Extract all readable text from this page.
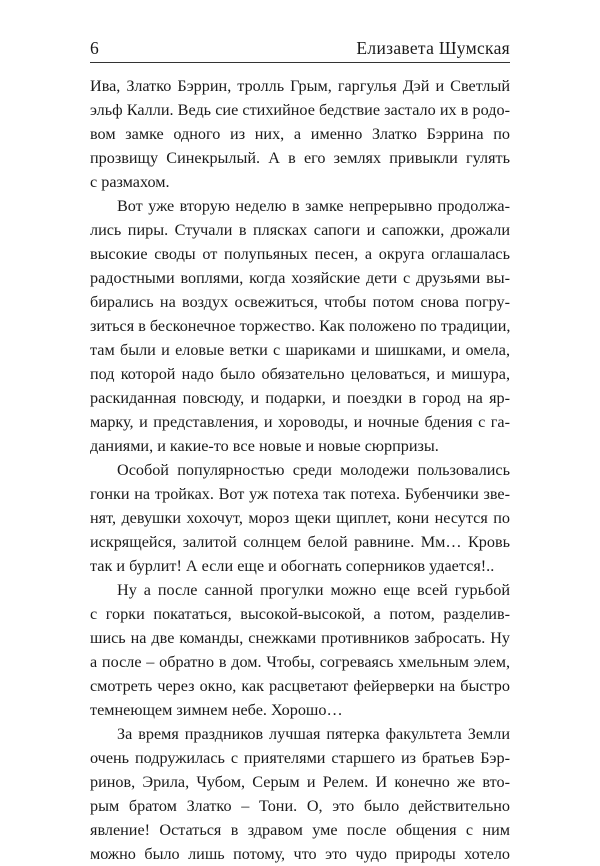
6	Елизавета Шумская
Ива, Златко Бэррин, тролль Грым, гаргулья Дэй и Светлый
эльф Калли. Ведь сие стихийное бедствие застало их в родо-
вом замке одного из них, а именно Златко Бэррина по
прозвищу Синекрылый. А в его землях привыкли гулять
с размахом.
Вот уже вторую неделю в замке непрерывно продолжа-
лись пиры. Стучали в плясках сапоги и сапожки, дрожали
высокие своды от полупьяных песен, а округа оглашалась
радостными воплями, когда хозяйские дети с друзьями вы-
бирались на воздух освежиться, чтобы потом снова погру-
зиться в бесконечное торжество. Как положено по традиции,
там были и еловые ветки с шариками и шишками, и омела,
под которой надо было обязательно целоваться, и мишура,
раскиданная повсюду, и подарки, и поездки в город на яр-
марку, и представления, и хороводы, и ночные бдения с га-
даниями, и какие-то все новые и новые сюрпризы.
Особой популярностью среди молодежи пользовались
гонки на тройках. Вот уж потеха так потеха. Бубенчики зве-
нят, девушки хохочут, мороз щеки щиплет, кони несутся по
искрящейся, залитой солнцем белой равнине. Мм… Кровь
так и бурлит! А если еще и обогнать соперников удается!..
Ну а после санной прогулки можно еще всей гурьбой
с горки покататься, высокой-высокой, а потом, разделив-
шись на две команды, снежками противников забросать. Ну
а после – обратно в дом. Чтобы, согреваясь хмельным элем,
смотреть через окно, как расцветают фейерверки на быстро
темнеющем зимнем небе. Хорошо…
За время праздников лучшая пятерка факультета Земли
очень подружилась с приятелями старшего из братьев Бэр-
ринов, Эрила, Чубом, Серым и Релем. И конечно же вто-
рым братом Златко – Тони. О, это было действительно
явление! Остаться в здравом уме после общения с ним
можно было лишь потому, что это чудо природы хотело
